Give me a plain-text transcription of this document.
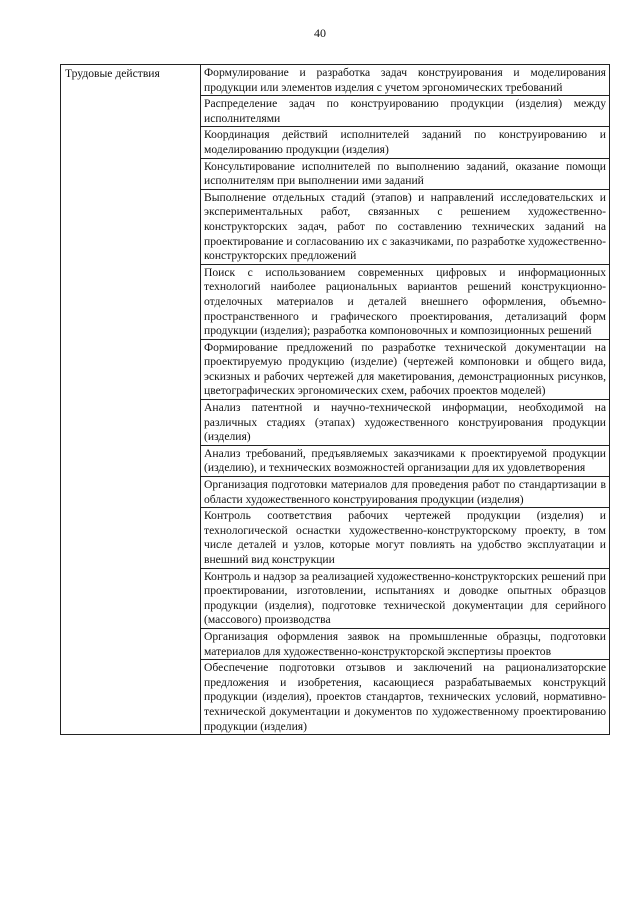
40
Трудовые действия	Формулирование и разработка задач конструирования и моделирования продукции или элементов изделия с учетом эргономических требований
Распределение задач по конструированию продукции (изделия) между исполнителями
Координация действий исполнителей заданий по конструированию и моделированию продукции (изделия)
Консультирование исполнителей по выполнению заданий, оказание помощи исполнителям при выполнении ими заданий
Выполнение отдельных стадий (этапов) и направлений исследовательских и экспериментальных работ, связанных с решением художественно-конструкторских задач, работ по составлению технических заданий на проектирование и согласованию их с заказчиками, по разработке художественно-конструкторских предложений
Поиск с использованием современных цифровых и информационных технологий наиболее рациональных вариантов решений конструкционно-отделочных материалов и деталей внешнего оформления, объемно-пространственного и графического проектирования, детализаций форм продукции (изделия); разработка компоновочных и композиционных решений
Формирование предложений по разработке технической документации на проектируемую продукцию (изделие) (чертежей компоновки и общего вида, эскизных и рабочих чертежей для макетирования, демонстрационных рисунков, цветографических эргономических схем, рабочих проектов моделей)
Анализ патентной и научно-технической информации, необходимой на различных стадиях (этапах) художественного конструирования продукции (изделия)
Анализ требований, предъявляемых заказчиками к проектируемой продукции (изделию), и технических возможностей организации для их удовлетворения
Организация подготовки материалов для проведения работ по стандартизации в области художественного конструирования продукции (изделия)
Контроль соответствия рабочих чертежей продукции (изделия) и технологической оснастки художественно-конструкторскому проекту, в том числе деталей и узлов, которые могут повлиять на удобство эксплуатации и внешний вид конструкции
Контроль и надзор за реализацией художественно-конструкторских решений при проектировании, изготовлении, испытаниях и доводке опытных образцов продукции (изделия), подготовке технической документации для серийного (массового) производства
Организация оформления заявок на промышленные образцы, подготовки материалов для художественно-конструкторской экспертизы проектов
Обеспечение подготовки отзывов и заключений на рационализаторские предложения и изобретения, касающиеся разрабатываемых конструкций продукции (изделия), проектов стандартов, технических условий, нормативно-технической документации и документов по художественному проектированию продукции (изделия)
